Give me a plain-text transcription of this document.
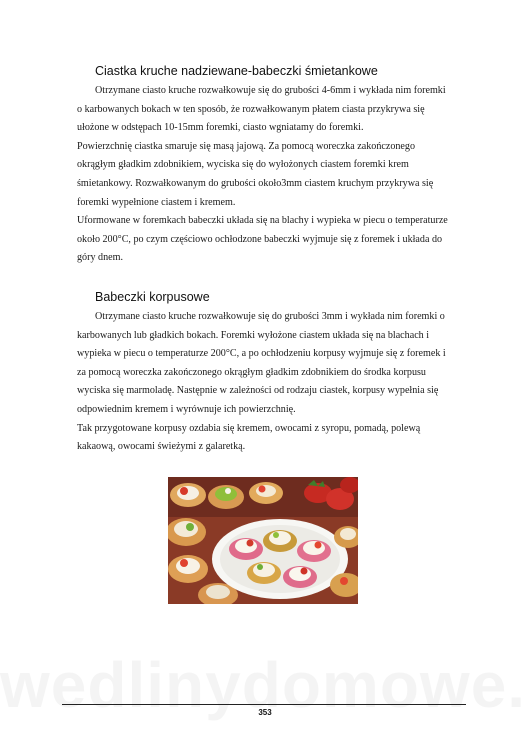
Ciastka kruche nadziewane-babeczki śmietankowe
Otrzymane ciasto kruche rozwałkowuje się do grubości 4-6mm i wykłada nim foremki
o karbowanych bokach w ten sposób, że rozwałkowanym płatem ciasta przykrywa się
ułożone w odstępach 10-15mm foremki, ciasto wgniatamy do foremki.
Powierzchnię ciastka smaruje się masą jajową. Za pomocą woreczka zakończonego
okrągłym gładkim zdobnikiem, wyciska się do wyłożonych ciastem foremki krem
śmietankowy. Rozwałkowanym do grubości około3mm ciastem kruchym przykrywa się
foremki wypełnione ciastem i kremem.
Uformowane w foremkach babeczki układa się na blachy i wypieka w piecu o temperaturze
około 200°C, po czym częściowo ochłodzone babeczki wyjmuje się z foremek i układa do
góry dnem.
Babeczki korpusowe
Otrzymane ciasto kruche rozwałkowuje się do grubości 3mm i wykłada nim foremki o
karbowanych lub gładkich bokach. Foremki wyłożone ciastem układa się na blachach i
wypieka w piecu o temperaturze 200°C, a po ochłodzeniu korpusy wyjmuje się z foremek i
za pomocą woreczka zakończonego okrągłym gładkim zdobnikiem do środka korpusu
wyciska się marmoladę. Następnie w zależności od rodzaju ciastek, korpusy wypełnia się
odpowiednim kremem i wyrównuje ich powierzchnię.
Tak przygotowane korpusy ozdabia się kremem, owocami z syropu, pomadą, polewą
kakaową, owocami świeżymi z galaretką.
353
